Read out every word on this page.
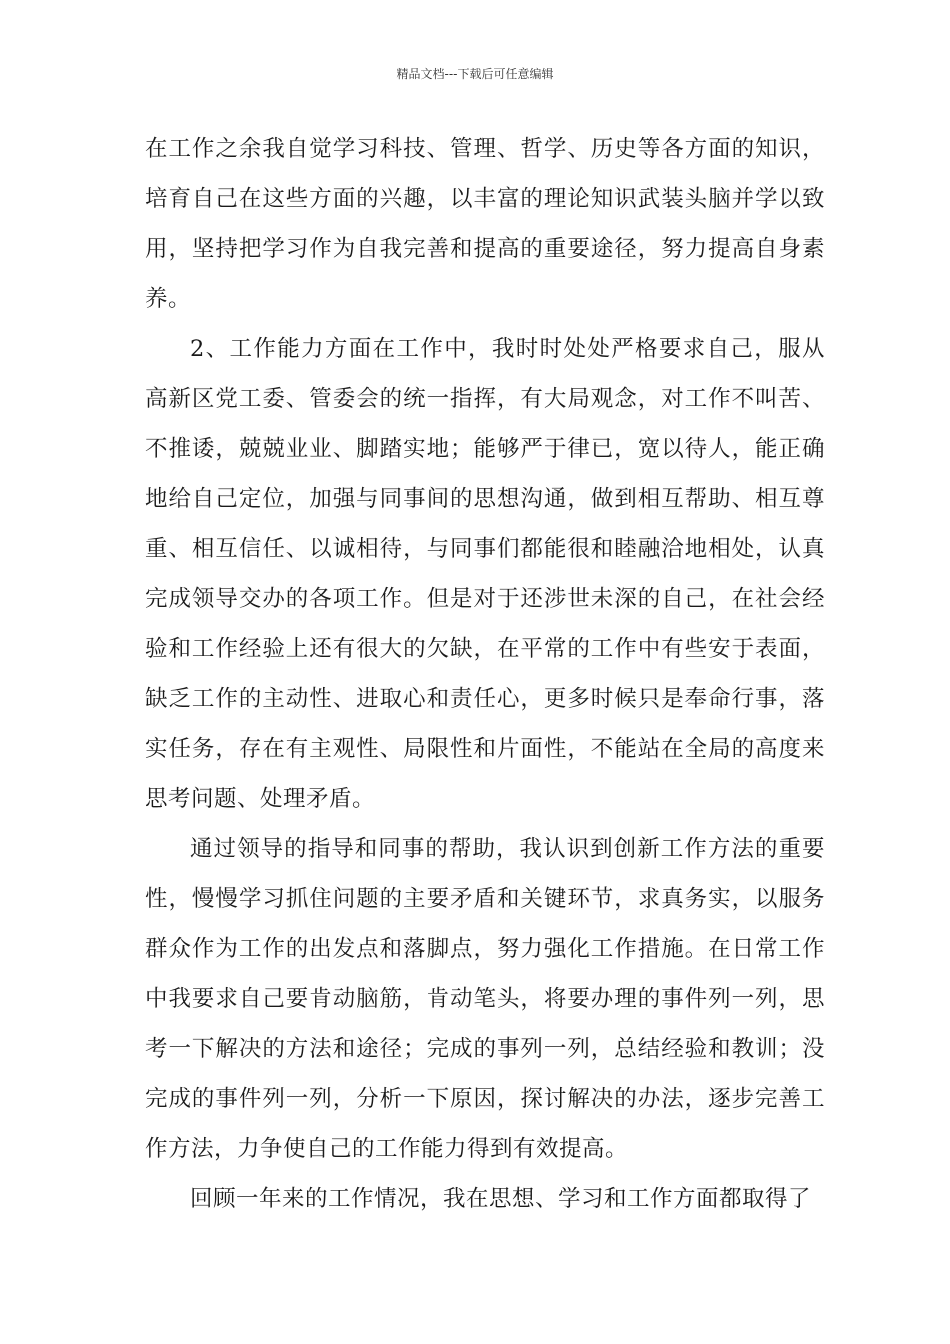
精品文档---下载后可任意编辑

在工作之余我自觉学习科技、管理、哲学、历史等各方面的知识，培育自己在这些方面的兴趣，以丰富的理论知识武装头脑并学以致用，坚持把学习作为自我完善和提高的重要途径，努力提高自身素养。

2、工作能力方面在工作中，我时时处处严格要求自己，服从高新区党工委、管委会的统一指挥，有大局观念，对工作不叫苦、不推诿，兢兢业业、脚踏实地；能够严于律已，宽以待人，能正确地给自己定位，加强与同事间的思想沟通，做到相互帮助、相互尊重、相互信任、以诚相待，与同事们都能很和睦融洽地相处，认真完成领导交办的各项工作。但是对于还涉世未深的自己，在社会经验和工作经验上还有很大的欠缺，在平常的工作中有些安于表面，缺乏工作的主动性、进取心和责任心，更多时候只是奉命行事，落实任务，存在有主观性、局限性和片面性，不能站在全局的高度来思考问题、处理矛盾。

通过领导的指导和同事的帮助，我认识到创新工作方法的重要性，慢慢学习抓住问题的主要矛盾和关键环节，求真务实，以服务群众作为工作的出发点和落脚点，努力强化工作措施。在日常工作中我要求自己要肯动脑筋，肯动笔头，将要办理的事件列一列，思考一下解决的方法和途径；完成的事列一列，总结经验和教训；没完成的事件列一列，分析一下原因，探讨解决的办法，逐步完善工作方法，力争使自己的工作能力得到有效提高。

回顾一年来的工作情况，我在思想、学习和工作方面都取得了
